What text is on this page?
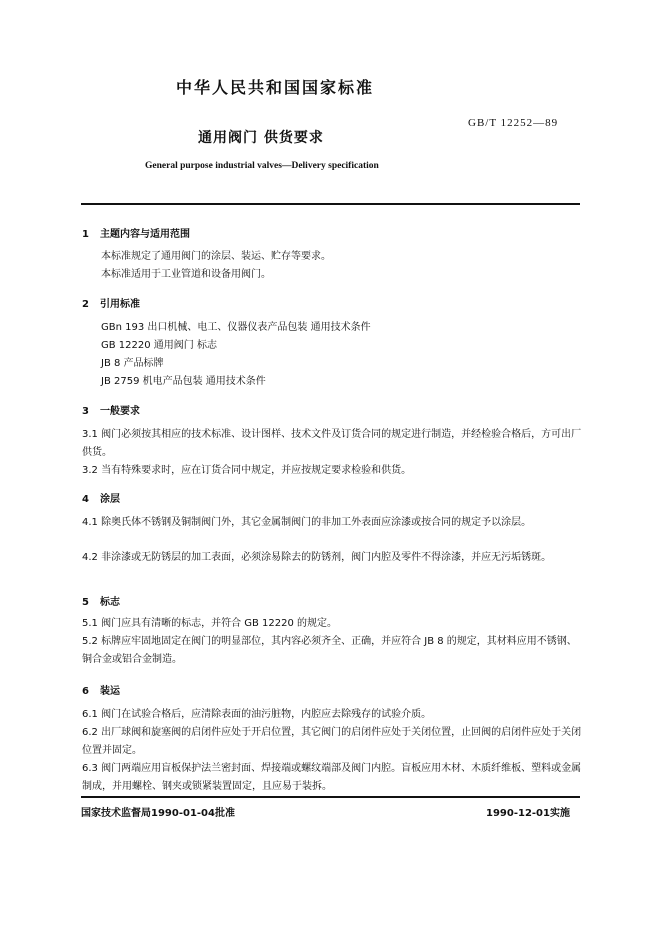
中华人民共和国国家标准
GB/T 12252—89
通用阀门 供货要求
General purpose industrial valves—Delivery specification
1 主题内容与适用范围
本标准规定了通用阀门的涂层、装运、贮存等要求。
本标准适用于工业管道和设备用阀门。
2 引用标准
GBn 193 出口机械、电工、仪器仪表产品包装 通用技术条件
GB 12220 通用阀门 标志
JB 8 产品标牌
JB 2759 机电产品包装 通用技术条件
3 一般要求
3.1 阀门必须按其相应的技术标准、设计图样、技术文件及订货合同的规定进行制造，并经检验合格后，方可出厂供货。
3.2 当有特殊要求时，应在订货合同中规定，并应按规定要求检验和供货。
4 涂层
4.1 除奥氏体不锈钢及铜制阀门外，其它金属制阀门的非加工外表面应涂漆或按合同的规定予以涂层。
4.2 非涂漆或无防锈层的加工表面，必须涂易除去的防锈剂，阀门内腔及零件不得涂漆，并应无污垢锈斑。
5 标志
5.1 阀门应具有清晰的标志，并符合 GB 12220 的规定。
5.2 标牌应牢固地固定在阀门的明显部位，其内容必须齐全、正确，并应符合 JB 8 的规定，其材料应用不锈钢、铜合金或铝合金制造。
6 装运
6.1 阀门在试验合格后，应清除表面的油污脏物，内腔应去除残存的试验介质。
6.2 出厂球阀和旋塞阀的启闭件应处于开启位置，其它阀门的启闭件应处于关闭位置，止回阀的启闭件应处于关闭位置并固定。
6.3 阀门两端应用盲板保护法兰密封面、焊接端或螺纹端部及阀门内腔。盲板应用木材、木质纤维板、塑料或金属制成，并用螺栓、钢夹或锁紧装置固定，且应易于装拆。
国家技术监督局1990-01-04批准	1990-12-01实施
